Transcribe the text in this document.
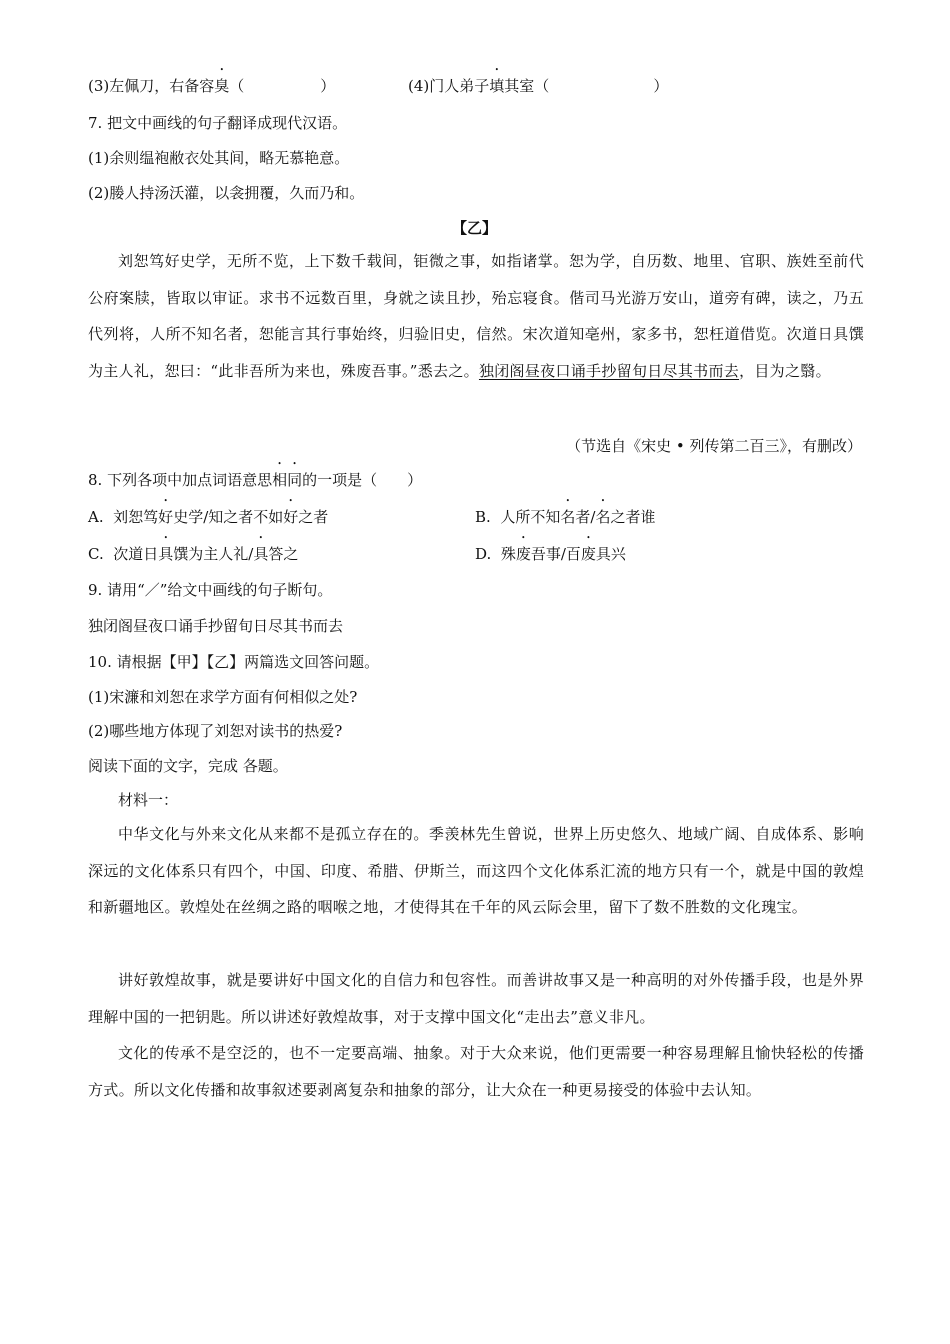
(3)左佩刀，右备容臭（	）	(4)门人弟子填其室（	）
7. 把文中画线的句子翻译成现代汉语。
(1)余则缊袍敝衣处其间，略无慕艳意。
(2)媵人持汤沃灌，以衾拥覆，久而乃和。
【乙】
刘恕笃好史学，无所不览，上下数千载间，钜微之事，如指诸掌。恕为学，自历数、地里、官职、族姓至前代公府案牍，皆取以审证。求书不远数百里，身就之读且抄，殆忘寝食。偕司马光游万安山，道旁有碑，读之，乃五代列将，人所不知名者，恕能言其行事始终，归验旧史，信然。宋次道知亳州，家多书，恕枉道借览。次道日具馔为主人礼，恕曰：“此非吾所为来也，殊废吾事。”悉去之。独闭阁昼夜口诵手抄留旬日尽其书而去，目为之翳。
（节选自《宋史 • 列传第二百三》，有删改）
8. 下列各项中加点词语意思相同的一项是（　　）
A. 刘恕笃好史学/知之者不如好之者	B. 人所不知名者/名之者谁
C. 次道日具馔为主人礼/具答之	D. 殊废吾事/百废具兴
9. 请用“／”给文中画线的句子断句。
独闭阁昼夜口诵手抄留旬日尽其书而去
10. 请根据【甲】【乙】两篇选文回答问题。
(1)宋濂和刘恕在求学方面有何相似之处?
(2)哪些地方体现了刘恕对读书的热爱?
阅读下面的文字，完成 各题。
材料一：
中华文化与外来文化从来都不是孤立存在的。季羡林先生曾说，世界上历史悠久、地域广阔、自成体系、影响深远的文化体系只有四个，中国、印度、希腊、伊斯兰，而这四个文化体系汇流的地方只有一个，就是中国的敦煌和新疆地区。敦煌处在丝绸之路的咽喉之地，才使得其在千年的风云际会里，留下了数不胜数的文化瑰宝。
讲好敦煌故事，就是要讲好中国文化的自信力和包容性。而善讲故事又是一种高明的对外传播手段，也是外界理解中国的一把钥匙。所以讲述好敦煌故事，对于支撑中国文化“走出去”意义非凡。
文化的传承不是空泛的，也不一定要高端、抽象。对于大众来说，他们更需要一种容易理解且愉快轻松的传播方式。所以文化传播和故事叙述要剥离复杂和抽象的部分，让大众在一种更易接受的体验中去认知。
